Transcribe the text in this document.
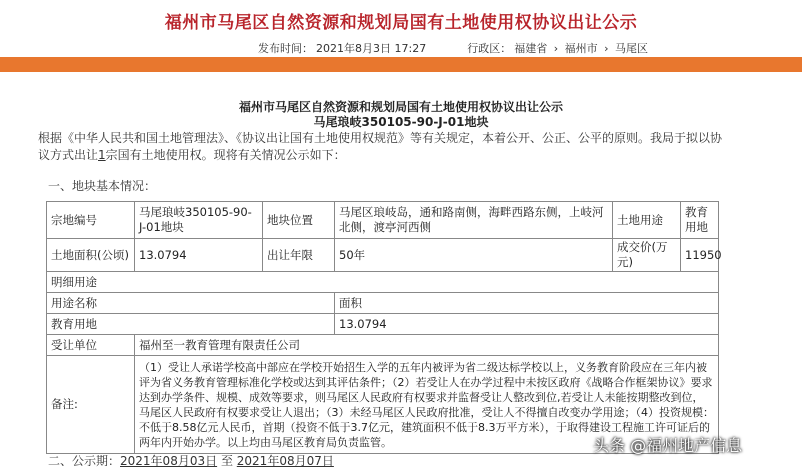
福州市马尾区自然资源和规划局国有土地使用权协议出让公示
发布时间： 2021年8月3日 17:27	行政区： 福建省 › 福州市 › 马尾区
福州市马尾区自然资源和规划局国有土地使用权协议出让公示
马尾琅岐350105-90-J-01地块
根据《中华人民共和国土地管理法》、《协议出让国有土地使用权规范》等有关规定，本着公开、公正、公平的原则。我局于拟以协议方式出让1宗国有土地使用权。现将有关情况公示如下：
一、地块基本情况：
宗地编号	马尾琅岐350105-90-J-01地块	地块位置	马尾区琅岐岛，通和路南侧，海畔西路东侧，上岐河北侧，渡亭河西侧	土地用途	教育用地
土地面积(公顷)	13.0794	出让年限	50年	成交价(万元)	11950
明细用途					
用途名称			面积		
教育用地			13.0794		
受让单位	福州至一教育管理有限责任公司				
备注:	（1）受让人承诺学校高中部应在学校开始招生入学的五年内被评为省二级达标学校以上，义务教育阶段应在三年内被评为省义务教育管理标准化学校或达到其评估条件；（2）若受让人在办学过程中未按区政府《战略合作框架协议》要求达到办学条件、规模、成效等要求，则马尾区人民政府有权要求并监督受让人整改到位,若受让人未能按期整改到位，马尾区人民政府有权要求受让人退出；（3）未经马尾区人民政府批准，受让人不得擅自改变办学用途；（4）投资规模：不低于8.58亿元人民币，首期（投资不低于3.7亿元，建筑面积不低于8.3万平方米），于取得建设工程施工许可证后的两年内开始办学。以上均由马尾区教育局负责监管。				
二、公示期：2021年08月03日 至 2021年08月07日
头条 @福州地产信息
